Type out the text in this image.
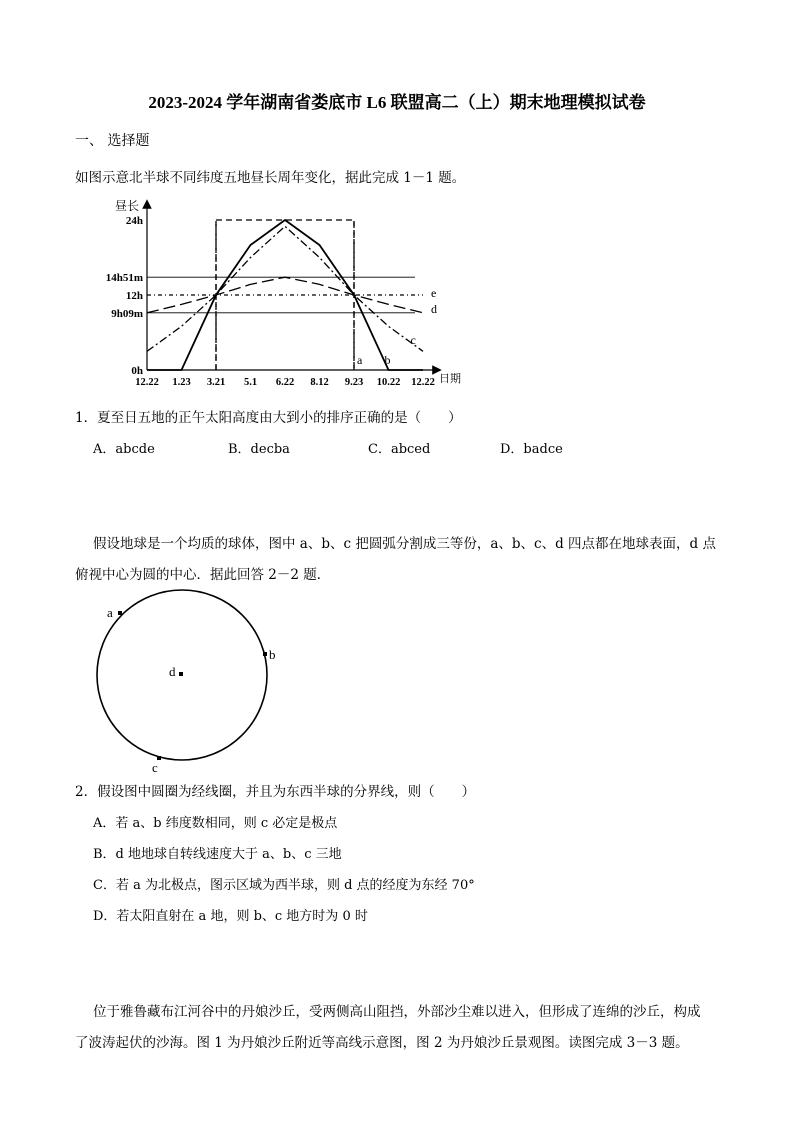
2023-2024 学年湖南省娄底市 L6 联盟高二（上）期末地理模拟试卷
一、 选择题
如图示意北半球不同纬度五地昼长周年变化，据此完成 1－1 题。
昼长
日期
24h
14h51m
12h
9h09m
0h
12.22 1.23 3.21 5.1 6.22 8.12 9.23 10.22 12.22
a b
c
d
e
1．夏至日五地的正午太阳高度由大到小的排序正确的是（　　）
A．abcde	B．decba	C．abced	D．badce
假设地球是一个均质的球体，图中 a、b、c 把圆弧分割成三等份，a、b、c、d 四点都在地球表面，d 点
俯视中心为圆的中心．据此回答 2－2 题．
a
b
c
d
2．假设图中圆圈为经线圈，并且为东西半球的分界线，则（　　）
A．若 a、b 纬度数相同，则 c 必定是极点
B．d 地地球自转线速度大于 a、b、c 三地
C．若 a 为北极点，图示区域为西半球，则 d 点的经度为东经 70°
D．若太阳直射在 a 地，则 b、c 地方时为 0 时
位于雅鲁藏布江河谷中的丹娘沙丘，受两侧高山阻挡，外部沙尘难以进入，但形成了连绵的沙丘，构成
了波涛起伏的沙海。图 1 为丹娘沙丘附近等高线示意图，图 2 为丹娘沙丘景观图。读图完成 3－3 题。
